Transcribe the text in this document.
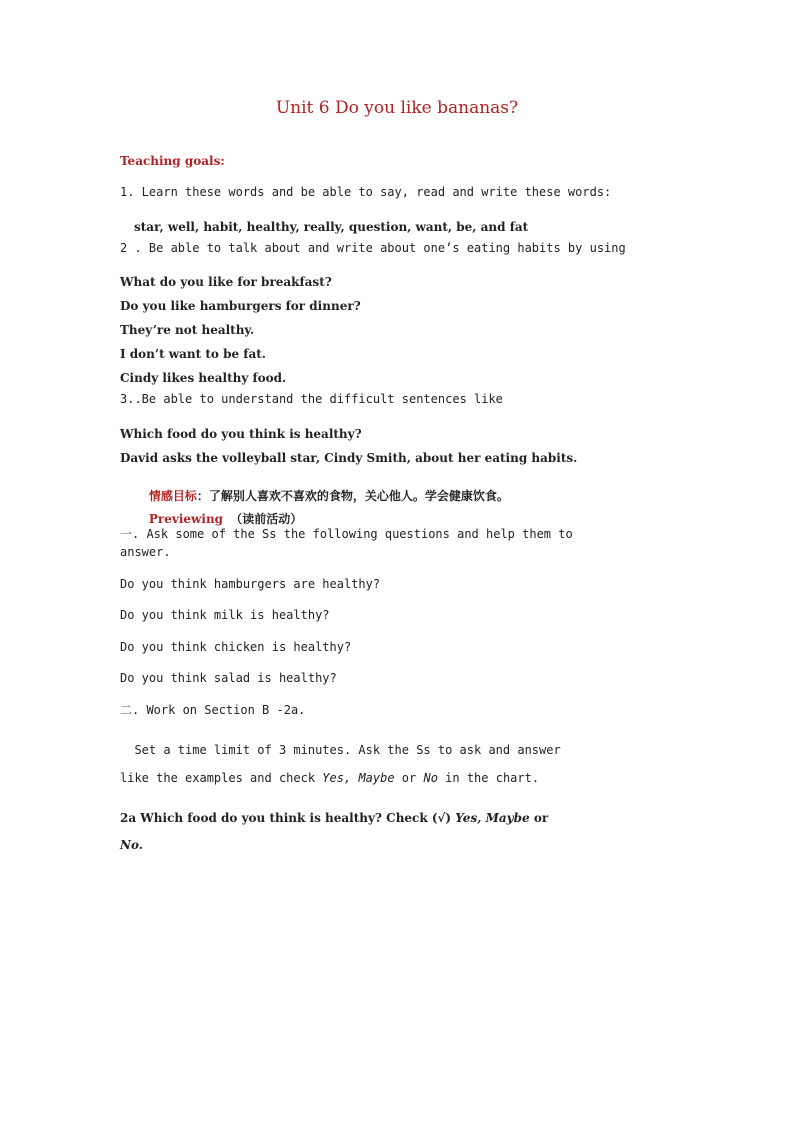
Unit 6 Do you like bananas?
Teaching goals:
1. Learn these words and be able to say, read and write these words:
star, well, habit, healthy, really, question, want, be, and fat
2 . Be able to talk about and write about one’s eating habits by using
What do you like for breakfast?
Do you like hamburgers for dinner?
They’re not healthy.
I don’t want to be fat.
Cindy likes healthy food.
3..Be able to understand the difficult sentences like
Which food do you think is healthy?
David asks the volleyball star, Cindy Smith, about her eating habits.

情感目标：了解别人喜欢不喜欢的食物，关心他人。学会健康饮食。

Previewing （读前活动）

一. Ask some of the Ss the following questions and help them to
answer.
Do you think hamburgers are healthy?
Do you think milk is healthy?
Do you think chicken is healthy?
Do you think salad is healthy?
二. Work on Section B -2a.
Set a time limit of 3 minutes. Ask the Ss to ask and answer
like the examples and check Yes, Maybe or No in the chart.
2a Which food do you think is healthy? Check (√) Yes, Maybe or
No.
